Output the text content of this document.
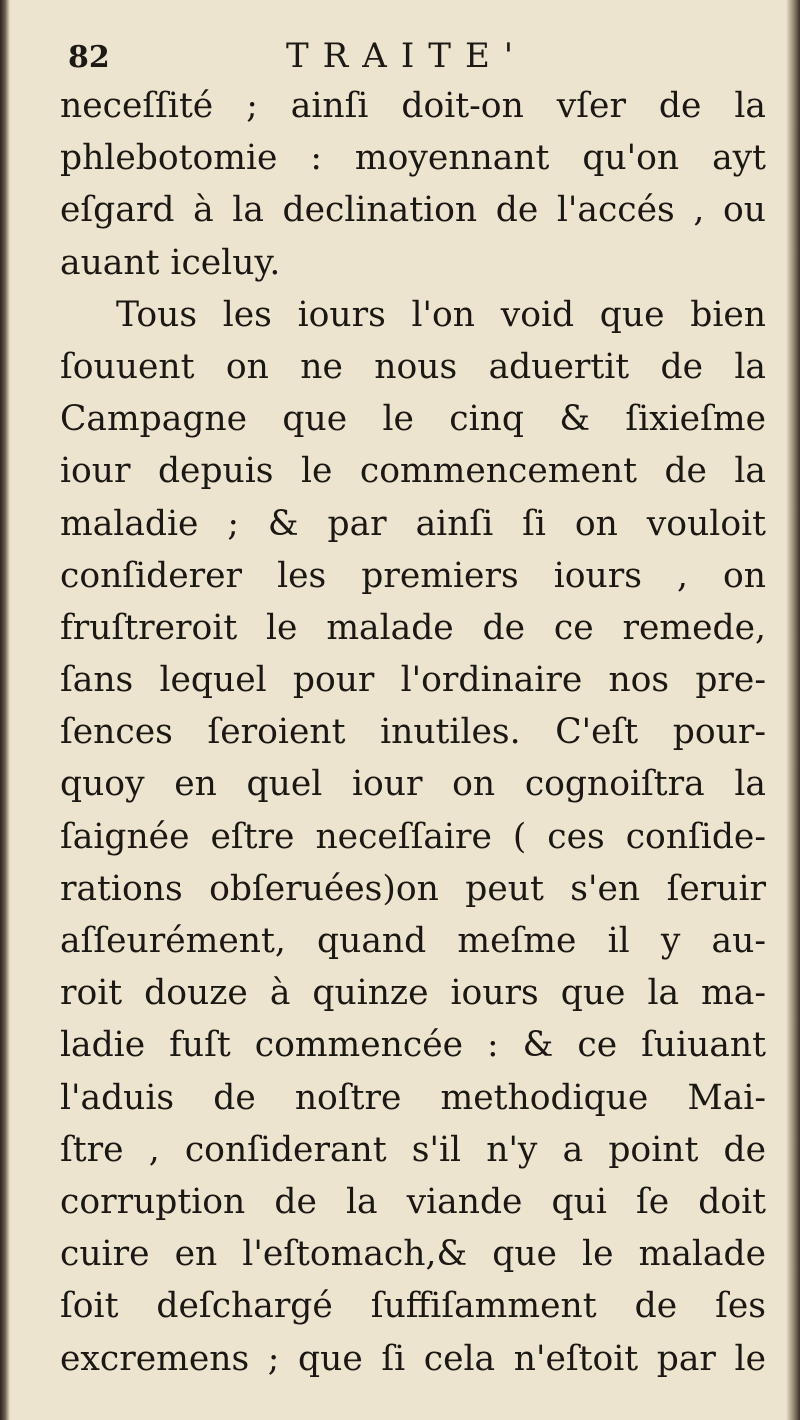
82	TRAITE'
neceſſité ; ainſi doit-on vſer de la
phlebotomie : moyennant qu'on ayt
eſgard à la declination de l'accés , ou
auant iceluy.
Tous les iours l'on void que bien
ſouuent on ne nous aduertit de la
Campagne que le cinq & ſixieſme
iour depuis le commencement de la
maladie ; & par ainſi ſi on vouloit
conſiderer les premiers iours , on
fruſtreroit le malade de ce remede,
ſans lequel pour l'ordinaire nos pre-
ſences ſeroient inutiles. C'eſt pour-
quoy en quel iour on cognoiſtra la
ſaignée eſtre neceſſaire ( ces conſide-
rations obſeruées)on peut s'en ſeruir
aſſeurément, quand meſme il y au-
roit douze à quinze iours que la ma-
ladie fuſt commencée : & ce ſuiuant
l'aduis de noſtre methodique Mai-
ſtre , conſiderant s'il n'y a point de
corruption de la viande qui ſe doit
cuire en l'eſtomach,& que le malade
ſoit deſchargé ſuffiſamment de ſes
excremens ; que ſi cela n'eſtoit par le
